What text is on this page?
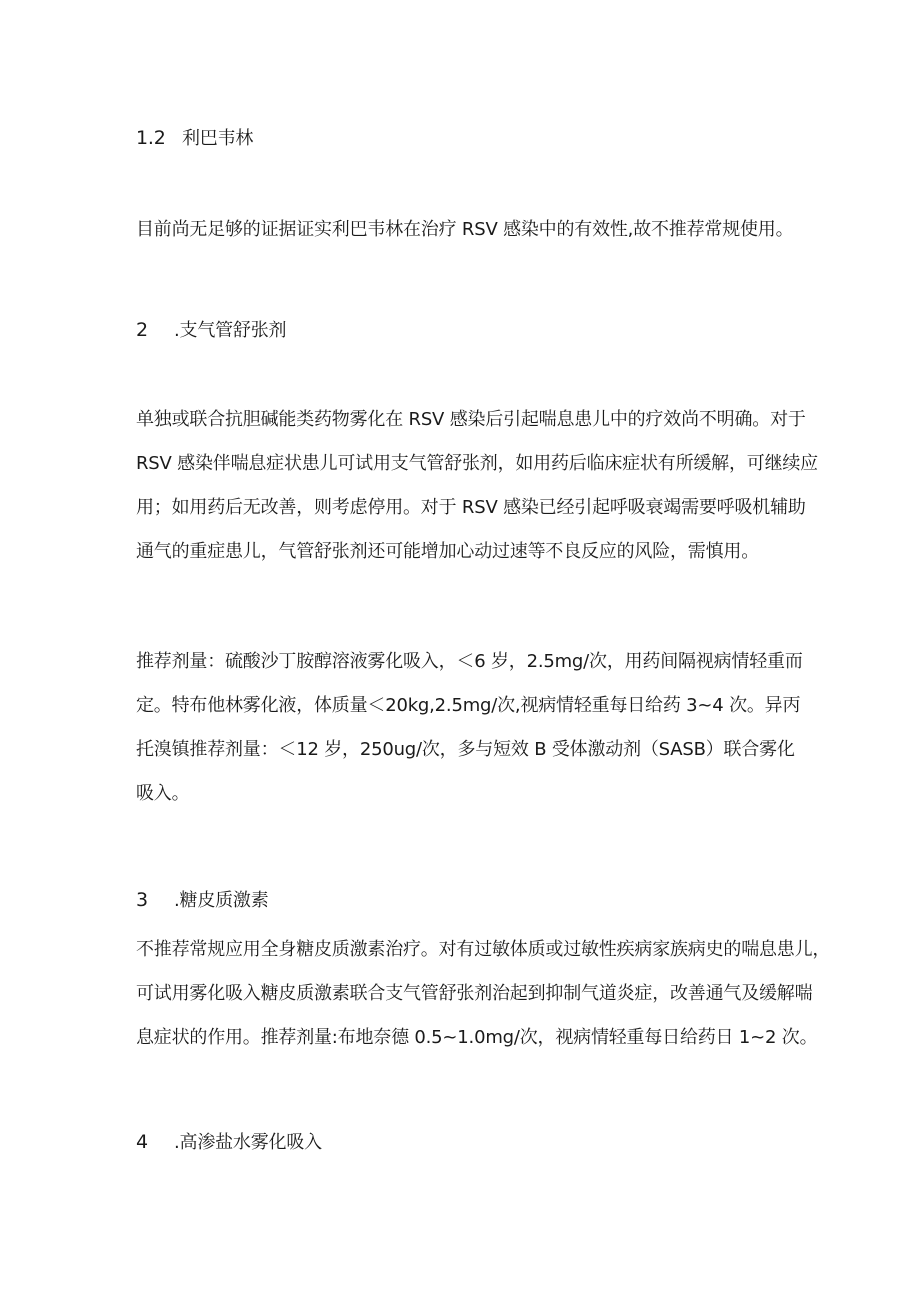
1.2 利巴韦林

目前尚无足够的证据证实利巴韦林在治疗 RSV 感染中的有效性,故不推荐常规使用。

2 .支气管舒张剂

单独或联合抗胆碱能类药物雾化在 RSV 感染后引起喘息患儿中的疗效尚不明确。对于
RSV 感染伴喘息症状患儿可试用支气管舒张剂，如用药后临床症状有所缓解，可继续应
用；如用药后无改善，则考虑停用。对于 RSV 感染已经引起呼吸衰竭需要呼吸机辅助
通气的重症患儿，气管舒张剂还可能增加心动过速等不良反应的风险，需慎用。

推荐剂量：硫酸沙丁胺醇溶液雾化吸入，＜6 岁，2.5mg/次，用药间隔视病情轻重而
定。特布他林雾化液，体质量＜20kg,2.5mg/次,视病情轻重每日给药 3~4 次。异丙
托溴镇推荐剂量：＜12 岁，250ug/次，多与短效 B 受体激动剂（SASB）联合雾化
吸入。

3 .糖皮质激素

不推荐常规应用全身糖皮质激素治疗。对有过敏体质或过敏性疾病家族病史的喘息患儿，
可试用雾化吸入糖皮质激素联合支气管舒张剂治起到抑制气道炎症，改善通气及缓解喘
息症状的作用。推荐剂量:布地奈德 0.5~1.0mg/次，视病情轻重每日给药日 1~2 次。

4 .高渗盐水雾化吸入
